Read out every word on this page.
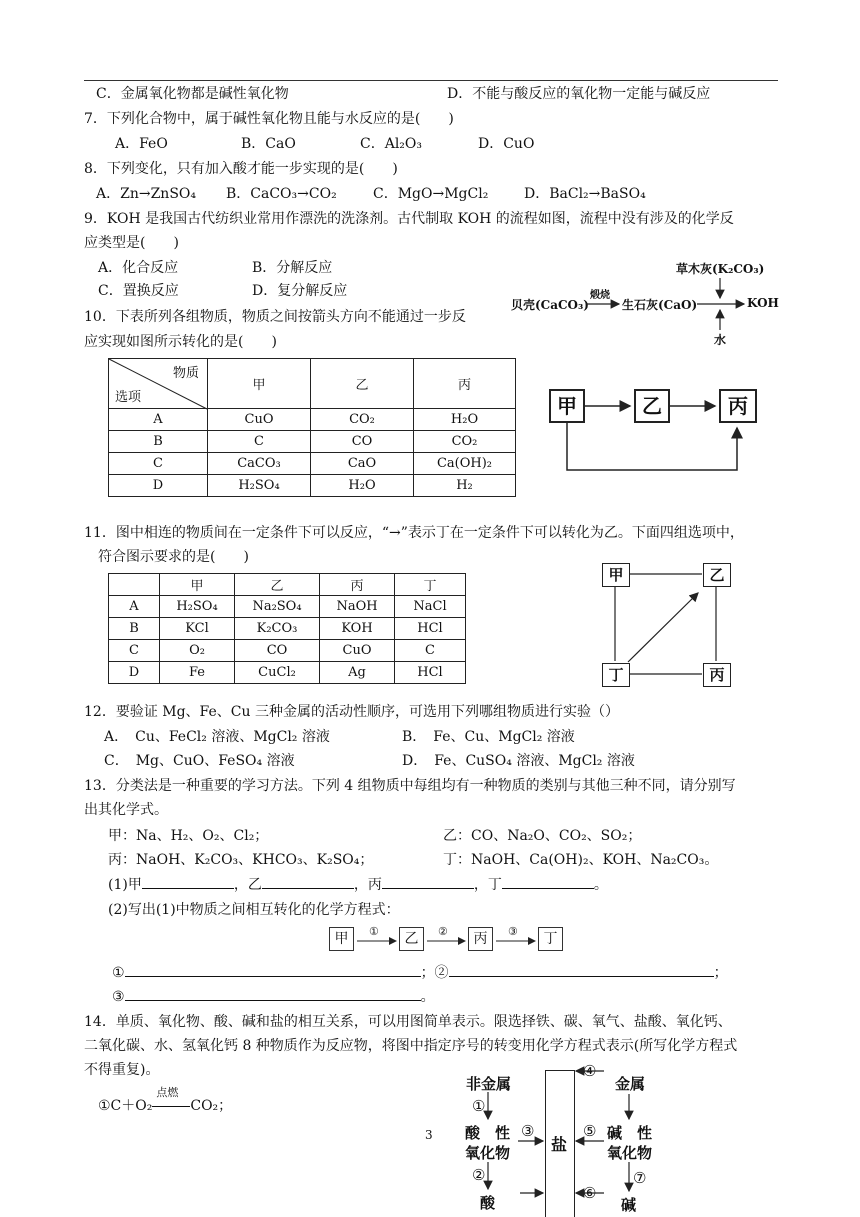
C．金属氧化物都是碱性氧化物	D．不能与酸反应的氧化物一定能与碱反应
7．下列化合物中，属于碱性氧化物且能与水反应的是(　　)
A．FeO	B．CaO	C．Al₂O₃	D．CuO
8．下列变化，只有加入酸才能一步实现的是(　　)
A．Zn→ZnSO₄ B．CaCO₃→CO₂	C．MgO→MgCl₂	D．BaCl₂→BaSO₄
9．KOH 是我国古代纺织业常用作漂洗的洗涤剂。古代制取 KOH 的流程如图，流程中没有涉及的化学反
应类型是(　　)
A．化合反应	B．分解反应
C．置换反应	D．复分解反应
草木灰(K₂CO₃)
贝壳(CaCO₃)
煅烧
生石灰(CaO)	KOH
水
10．下表所列各组物质，物质之间按箭头方向不能通过一步反
应实现如图所示转化的是(　　)
物质
选项	甲	乙	丙
A	CuO	CO₂	H₂O
B	C	CO	CO₂
C	CaCO₃	CaO	Ca(OH)₂
D	H₂SO₄	H₂O	H₂
甲	乙	丙
11．图中相连的物质间在一定条件下可以反应，“→”表示丁在一定条件下可以转化为乙。下面四组选项中，
符合图示要求的是(　　)
	甲	乙	丙	丁
A	H₂SO₄	Na₂SO₄	NaOH	NaCl
B	KCl	K₂CO₃	KOH	HCl
C	O₂	CO	CuO	C
D	Fe	CuCl₂	Ag	HCl
甲	乙
丁	丙
12．要验证 Mg、Fe、Cu 三种金属的活动性顺序，可选用下列哪组物质进行实验（）
A．　Cu、FeCl₂ 溶液、MgCl₂ 溶液	B．　Fe、Cu、MgCl₂ 溶液
C．　Mg、CuO、FeSO₄ 溶液	D．　Fe、CuSO₄ 溶液、MgCl₂ 溶液
13．分类法是一种重要的学习方法。下列 4 组物质中每组均有一种物质的类别与其他三种不同，请分别写
出其化学式。
甲：Na、H₂、O₂、Cl₂；	乙：CO、Na₂O、CO₂、SO₂；
丙：NaOH、K₂CO₃、KHCO₃、K₂SO₄；	丁：NaOH、Ca(OH)₂、KOH、Na₂CO₃。
(1)甲	，乙	，丙	，丁	。
(2)写出(1)中物质之间相互转化的化学方程式：
甲	乙	丙	丁
①	②	③
①	；②	；
③	。
14．单质、氧化物、酸、碱和盐的相互关系，可以用图简单表示。限选择铁、碳、氧气、盐酸、氧化钙、
二氧化碳、水、氢氧化钙 8 种物质作为反应物，将图中指定序号的转变用化学方程式表示(所写化学方程式
不得重复)。
①C＋O₂
点燃
CO₂；
盐
非金属	金属
酸　性
氧化物
碱　性
氧化物
酸	碱
①
②
③
④
⑤
⑥
⑦
3
